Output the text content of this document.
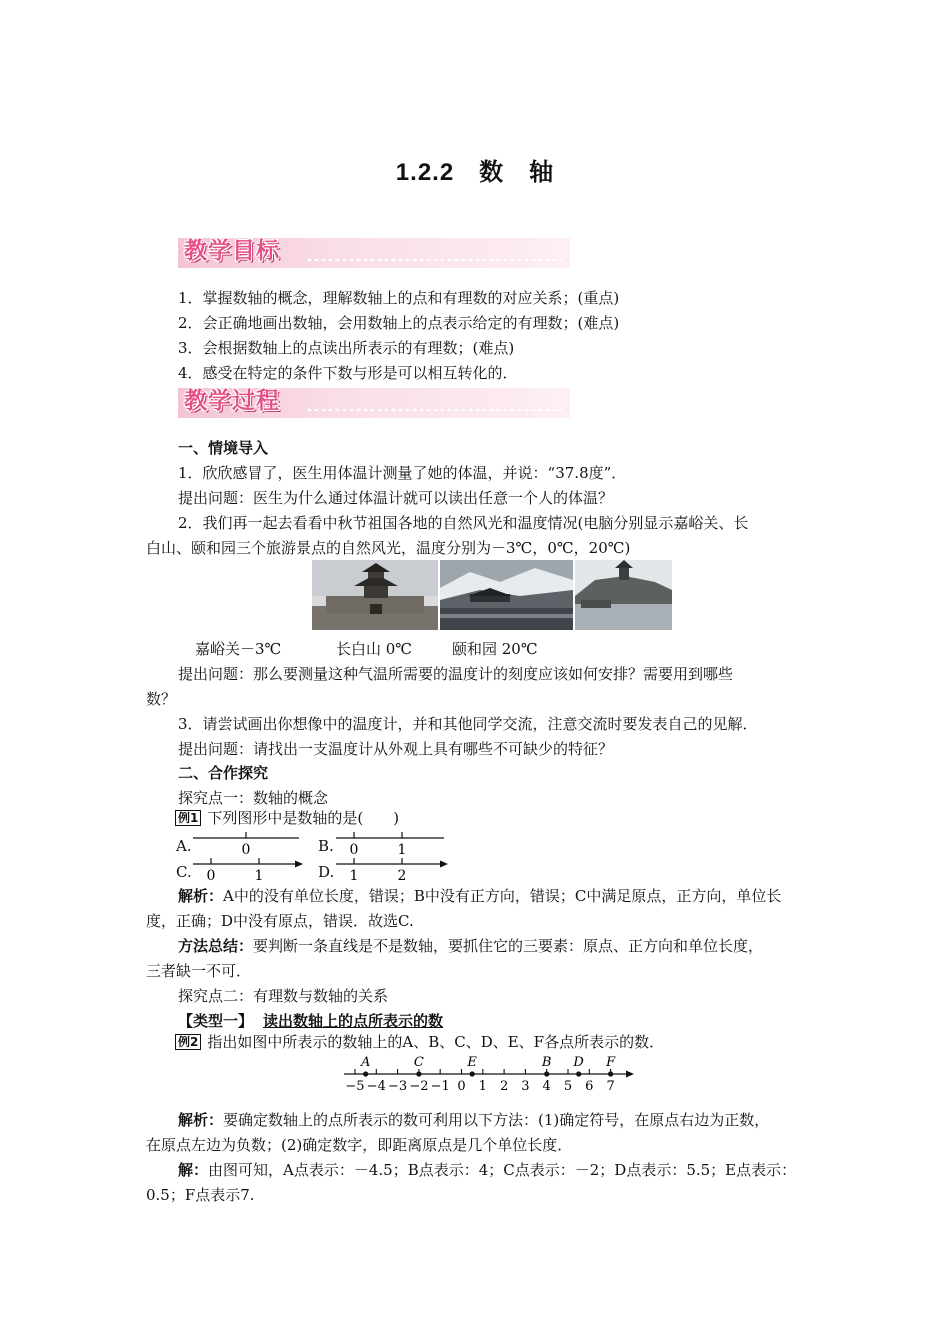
1.2.2　数　轴
教学目标
1．掌握数轴的概念，理解数轴上的点和有理数的对应关系；(重点)
2．会正确地画出数轴，会用数轴上的点表示给定的有理数；(难点)
3．会根据数轴上的点读出所表示的有理数；(难点)
4．感受在特定的条件下数与形是可以相互转化的．
教学过程
一、情境导入
1．欣欣感冒了，医生用体温计测量了她的体温，并说：“37.8度”．
提出问题：医生为什么通过体温计就可以读出任意一个人的体温？
2．我们再一起去看看中秋节祖国各地的自然风光和温度情况(电脑分别显示嘉峪关、长
白山、颐和园三个旅游景点的自然风光，温度分别为－3℃，0℃，20℃)
嘉峪关－3℃	长白山 0℃	颐和园 20℃
提出问题：那么要测量这种气温所需要的温度计的刻度应该如何安排？需要用到哪些
数？
3．请尝试画出你想像中的温度计，并和其他同学交流，注意交流时要发表自己的见解．
提出问题：请找出一支温度计从外观上具有哪些不可缺少的特征？
二、合作探究
探究点一：数轴的概念
例1 下列图形中是数轴的是(　　)
A.	0	B. 0	1
C. 0	1	D. 1	2
解析：A中的没有单位长度，错误；B中没有正方向，错误；C中满足原点，正方向，单位长
度，正确；D中没有原点，错误．故选C.
方法总结：要判断一条直线是不是数轴，要抓住它的三要素：原点、正方向和单位长度，
三者缺一不可．
探究点二：有理数与数轴的关系
【类型一】 读出数轴上的点所表示的数
例2 指出如图中所表示的数轴上的A、B、C、D、E、F各点所表示的数．
−5 −4 −3 −2 −1 0 1 2 3 4 5 6 7
A	C	E	B D F
解析：要确定数轴上的点所表示的数可利用以下方法：(1)确定符号，在原点右边为正数，
在原点左边为负数；(2)确定数字，即距离原点是几个单位长度．
解：由图可知，A点表示：－4.5；B点表示：4；C点表示：－2；D点表示：5.5；E点表示：
0.5；F点表示7.
